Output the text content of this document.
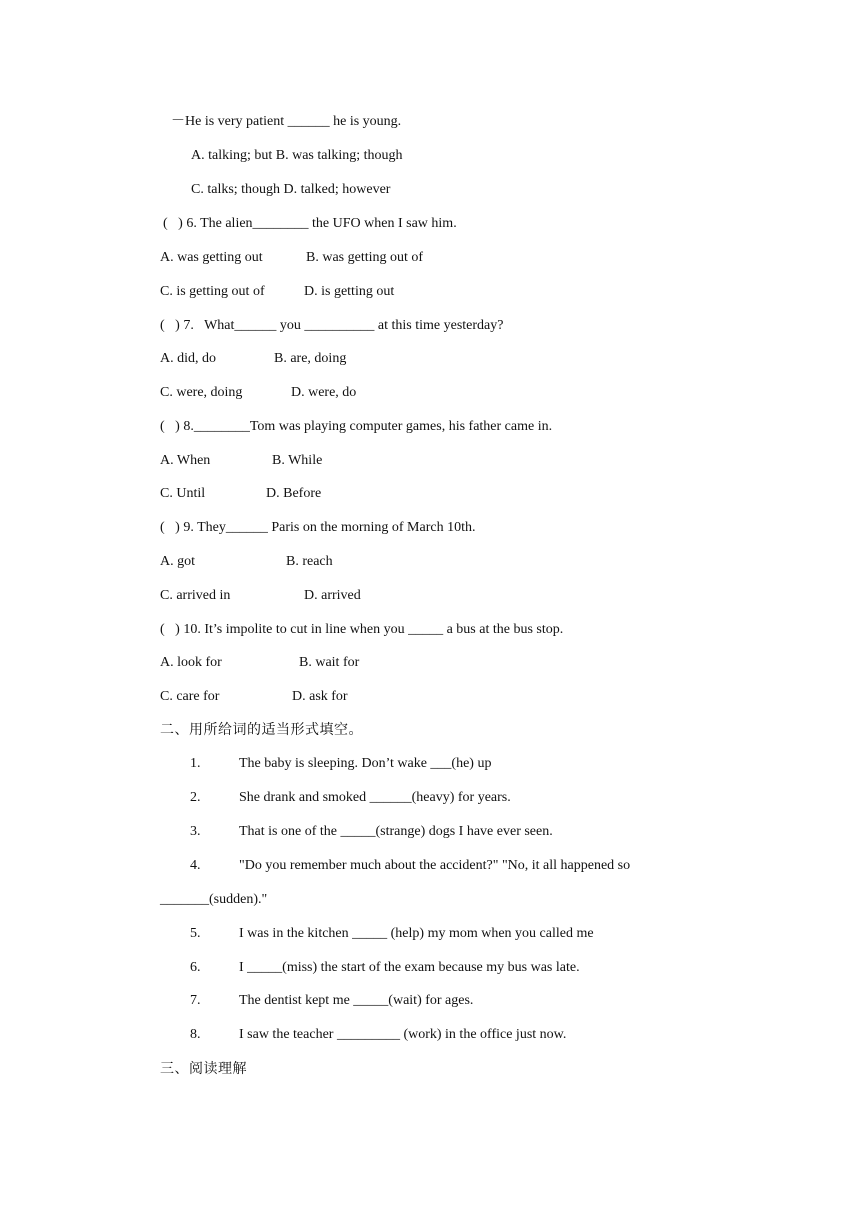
－He is very patient ______ he is young.
A. talking; but B. was talking; though
C. talks; though D. talked; however
(   ) 6. The alien________ the UFO when I saw him.
A. was getting out	B. was getting out of
C. is getting out of	D. is getting out
(   ) 7.   What______ you __________ at this time yesterday?
A. did, do	B. are, doing
C. were, doing	D. were, do
(   ) 8.________Tom was playing computer games, his father came in.
A. When	B. While
C. Until	D. Before
(   ) 9. They______ Paris on the morning of March 10th.
A. got	B. reach
C. arrived in	D. arrived
(   ) 10. It’s impolite to cut in line when you _____ a bus at the bus stop.
A. look for	B. wait for
C. care for	D. ask for
二、用所给词的适当形式填空。
1.	The baby is sleeping. Don’t wake ___(he) up
2.	She drank and smoked ______(heavy) for years.
3.	That is one of the _____(strange) dogs I have ever seen.
4.	"Do you remember much about the accident?" "No, it all happened so
_______(sudden)."
5.	I was in the kitchen _____ (help) my mom when you called me
6.	I _____(miss) the start of the exam because my bus was late.
7.	The dentist kept me _____(wait) for ages.
8.	I saw the teacher _________ (work) in the office just now.
三、阅读理解
